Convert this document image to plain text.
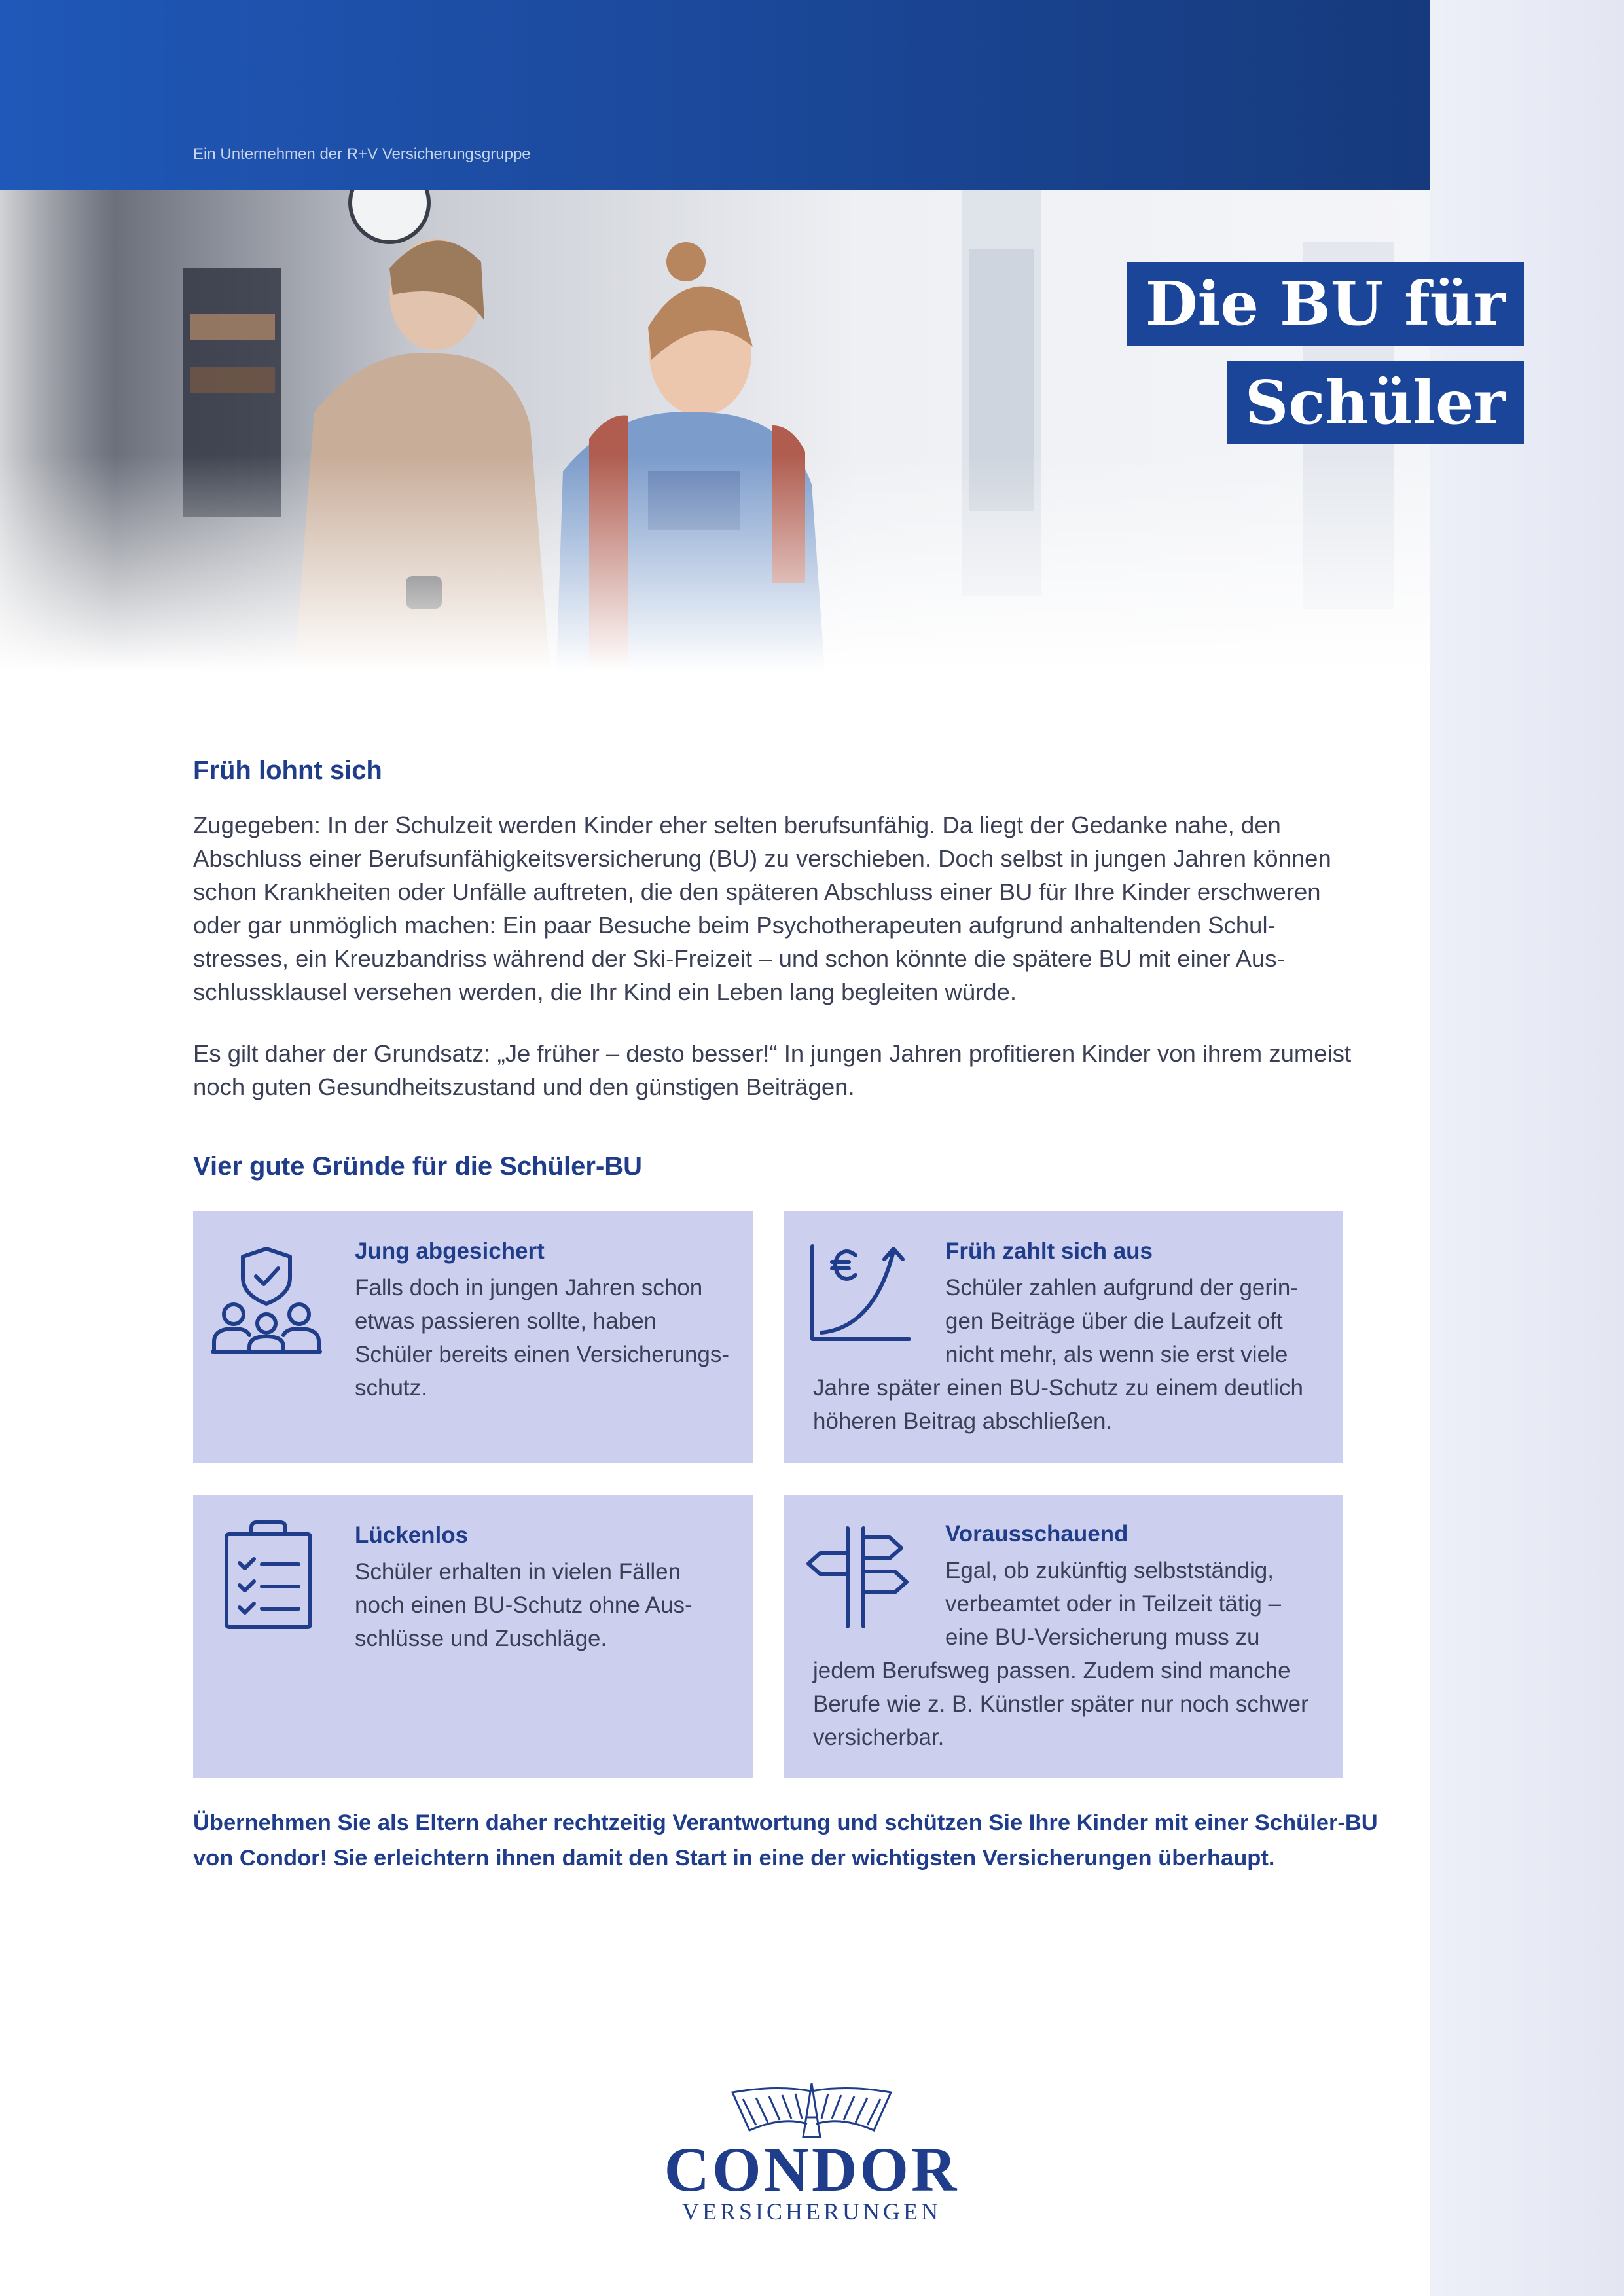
Ein Unternehmen der R+V Versicherungsgruppe
Die BU für
Schüler
Früh lohnt sich

Zugegeben: In der Schulzeit werden Kinder eher selten berufsunfähig. Da liegt der Gedanke nahe, den
Abschluss einer Berufsunfähigkeitsversicherung (BU) zu verschieben. Doch selbst in jungen Jahren können
schon Krankheiten oder Unfälle auftreten, die den späteren Abschluss einer BU für Ihre Kinder erschweren
oder gar unmöglich machen: Ein paar Besuche beim Psychotherapeuten aufgrund anhaltenden Schul-
stresses, ein Kreuzbandriss während der Ski-Freizeit – und schon könnte die spätere BU mit einer Aus-
schlussklausel versehen werden, die Ihr Kind ein Leben lang begleiten würde.

Es gilt daher der Grundsatz: „Je früher – desto besser!“ In jungen Jahren profitieren Kinder von ihrem zumeist
noch guten Gesundheitszustand und den günstigen Beiträgen.

Vier gute Gründe für die Schüler-BU
Jung abgesichert

Falls doch in jungen Jahren schon
etwas passieren sollte, haben
Schüler bereits einen Versicherungs-
schutz.

Früh zahlt sich aus

Schüler zahlen aufgrund der gerin-
gen Beiträge über die Laufzeit oft
nicht mehr, als wenn sie erst viele

Jahre später einen BU-Schutz zu einem deutlich
höheren Beitrag abschließen.

Lückenlos

Schüler erhalten in vielen Fällen
noch einen BU-Schutz ohne Aus-
schlüsse und Zuschläge.

Vorausschauend

Egal, ob zukünftig selbstständig,
verbeamtet oder in Teilzeit tätig –
eine BU-Versicherung muss zu

jedem Berufsweg passen. Zudem sind manche
Berufe wie z. B. Künstler später nur noch schwer
versicherbar.

Übernehmen Sie als Eltern daher rechtzeitig Verantwortung und schützen Sie Ihre Kinder mit einer Schüler-BU
von Condor! Sie erleichtern ihnen damit den Start in eine der wichtigsten Versicherungen überhaupt.

CONDOR
VERSICHERUNGEN
